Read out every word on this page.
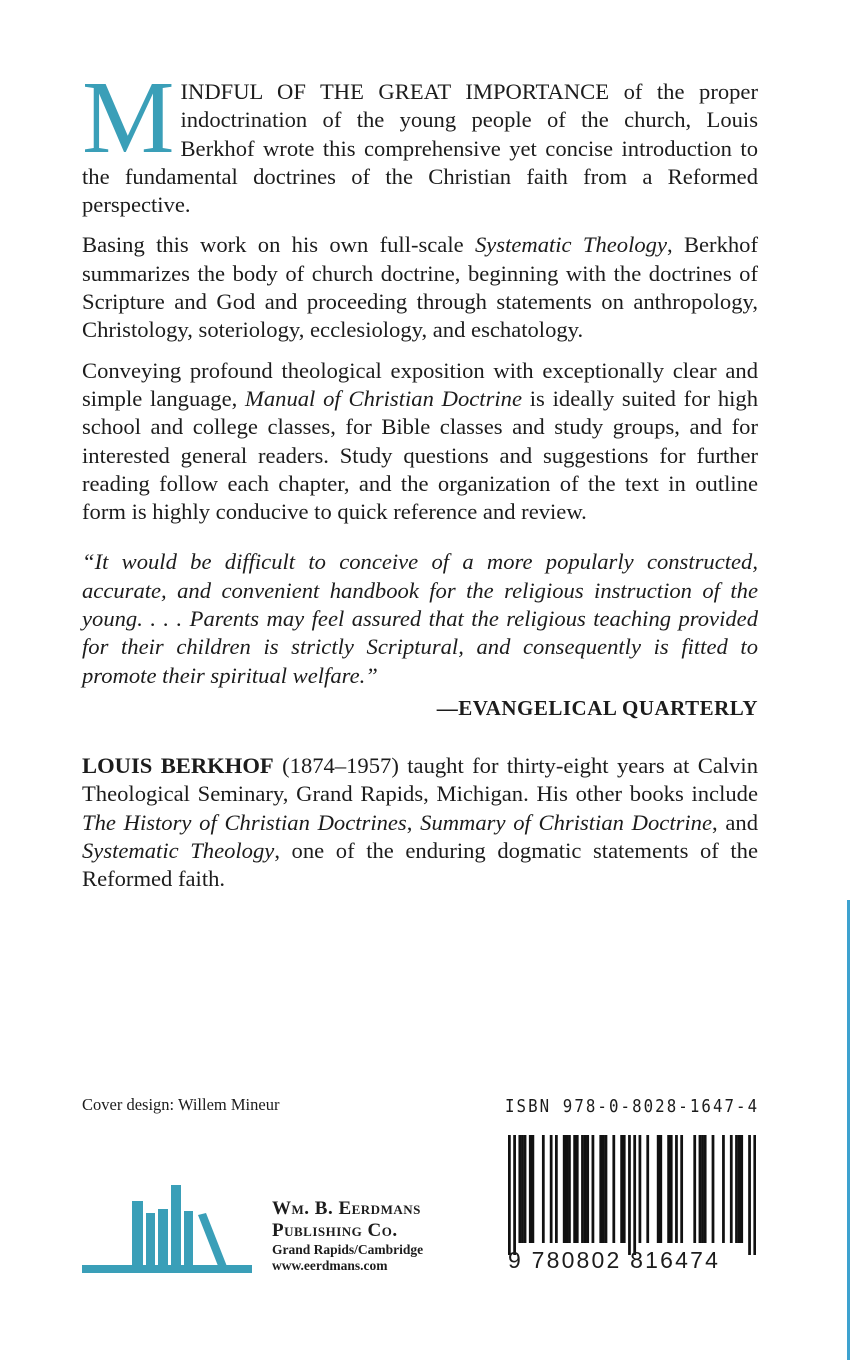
MINDFUL OF THE GREAT IMPORTANCE of the proper indoctrination of the young people of the church, Louis Berkhof wrote this comprehensive yet concise introduction to the fundamental doctrines of the Christian faith from a Reformed perspective.

Basing this work on his own full-scale Systematic Theology, Berkhof summarizes the body of church doctrine, beginning with the doctrines of Scripture and God and proceeding through statements on anthropology, Christology, soteriology, ecclesiology, and eschatology.

Conveying profound theological exposition with exceptionally clear and simple language, Manual of Christian Doctrine is ideally suited for high school and college classes, for Bible classes and study groups, and for interested general readers. Study questions and suggestions for further reading follow each chapter, and the organization of the text in outline form is highly conducive to quick reference and review.

“It would be difficult to conceive of a more popularly constructed, accurate, and convenient handbook for the religious instruction of the young. . . . Parents may feel assured that the religious teaching provided for their children is strictly Scriptural, and consequently is fitted to promote their spiritual welfare.”

—EVANGELICAL QUARTERLY

LOUIS BERKHOF (1874–1957) taught for thirty-eight years at Calvin Theological Seminary, Grand Rapids, Michigan. His other books include The History of Christian Doctrines, Summary of Christian Doctrine, and Systematic Theology, one of the enduring dogmatic statements of the Reformed faith.

Cover design: Willem Mineur	ISBN 978-0-8028-1647-4
9 780802 816474
Wm. B. Eerdmans
Publishing Co.
Grand Rapids/Cambridge
www.eerdmans.com
